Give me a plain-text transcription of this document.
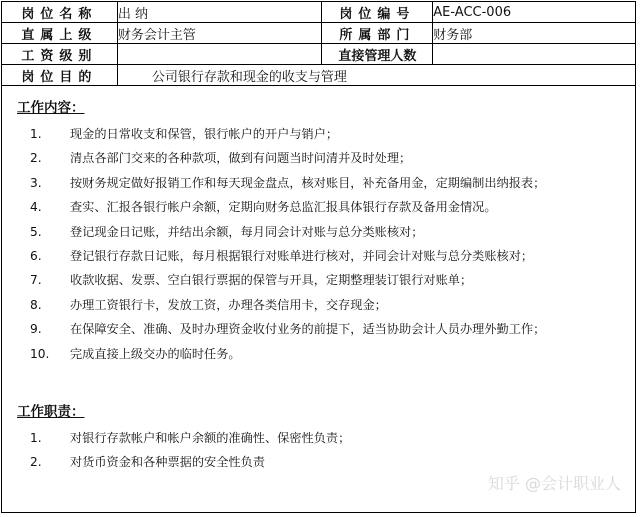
岗位名称	出 纳	岗位编号	AE-ACC-006
直属上级	财务会计主管	所属部门	财务部
工资级别		直接管理人数	
岗位目的	公司银行存款和现金的收支与管理		
工作内容：
1.	现金的日常收支和保管，银行帐户的开户与销户；
2.	清点各部门交来的各种款项，做到有问题当时问清并及时处理；
3.	按财务规定做好报销工作和每天现金盘点，核对账目，补充备用金，定期编制出纳报表；
4.	查实、汇报各银行帐户余额，定期向财务总监汇报具体银行存款及备用金情况。
5.	登记现金日记账，并结出余额，每月同会计对账与总分类账核对；
6.	登记银行存款日记账，每月根据银行对账单进行核对，并同会计对账与总分类账核对；
7.	收款收据、发票、空白银行票据的保管与开具，定期整理装订银行对账单；
8.	办理工资银行卡，发放工资，办理各类信用卡，交存现金；
9.	在保障安全、准确、及时办理资金收付业务的前提下，适当协助会计人员办理外勤工作；
10. 完成直接上级交办的临时任务。
工作职责：
1.	对银行存款帐户和帐户余额的准确性、保密性负责；
2.	对货币资金和各种票据的安全性负责
知乎 @会计职业人
